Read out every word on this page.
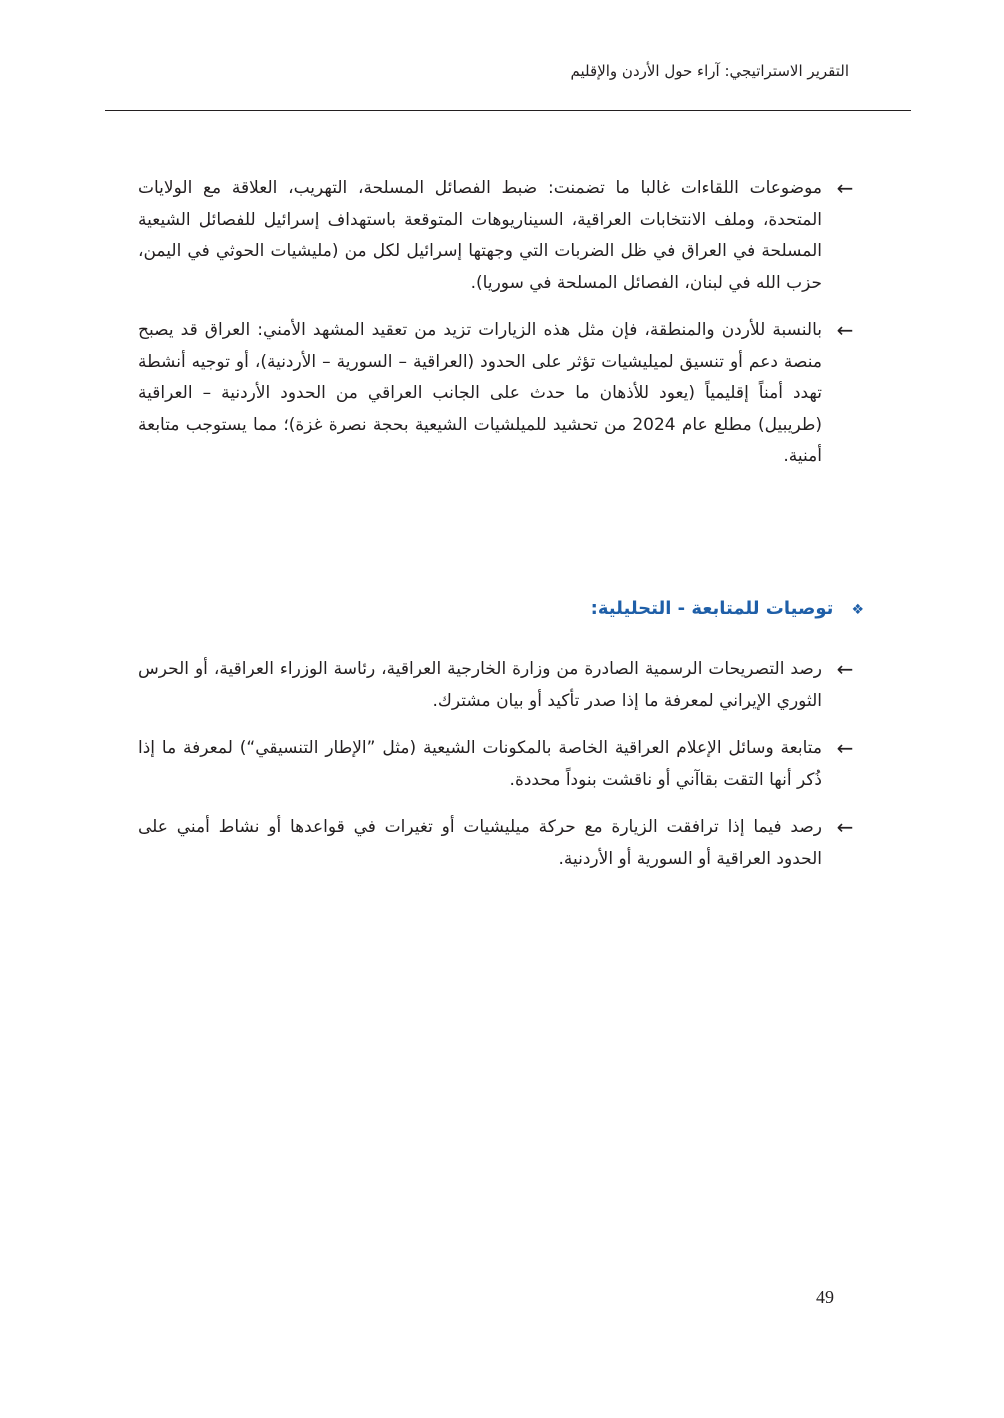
التقرير الاستراتيجي: آراء حول الأردن والإقليم
←
موضوعات اللقاءات غالبا ما تضمنت: ضبط الفصائل المسلحة، التهريب، العلاقة مع الولايات المتحدة، وملف الانتخابات العراقية، السيناريوهات المتوقعة باستهداف إسرائيل للفصائل الشيعية المسلحة في العراق في ظل الضربات التي وجهتها إسرائيل لكل من (مليشيات الحوثي في اليمن، حزب الله في لبنان، الفصائل المسلحة في سوريا).
←
بالنسبة للأردن والمنطقة، فإن مثل هذه الزيارات تزيد من تعقيد المشهد الأمني: العراق قد يصبح منصة دعم أو تنسيق لميليشيات تؤثر على الحدود (العراقية – السورية – الأردنية)، أو توجيه أنشطة تهدد أمناً إقليمياً (يعود للأذهان ما حدث على الجانب العراقي من الحدود الأردنية – العراقية (طريبيل) مطلع عام 2024 من تحشيد للميلشيات الشيعية بحجة نصرة غزة)؛ مما يستوجب متابعة أمنية.
❖توصيات للمتابعة - التحليلية:
←
رصد التصريحات الرسمية الصادرة من وزارة الخارجية العراقية، رئاسة الوزراء العراقية، أو الحرس الثوري الإيراني لمعرفة ما إذا صدر تأكيد أو بيان مشترك.
←
متابعة وسائل الإعلام العراقية الخاصة بالمكونات الشيعية (مثل ”الإطار التنسيقي“) لمعرفة ما إذا ذُكر أنها التقت بقاآني أو ناقشت بنوداً محددة.
←
رصد فيما إذا ترافقت الزيارة مع حركة ميليشيات أو تغيرات في قواعدها أو نشاط أمني على الحدود العراقية أو السورية أو الأردنية.
49
